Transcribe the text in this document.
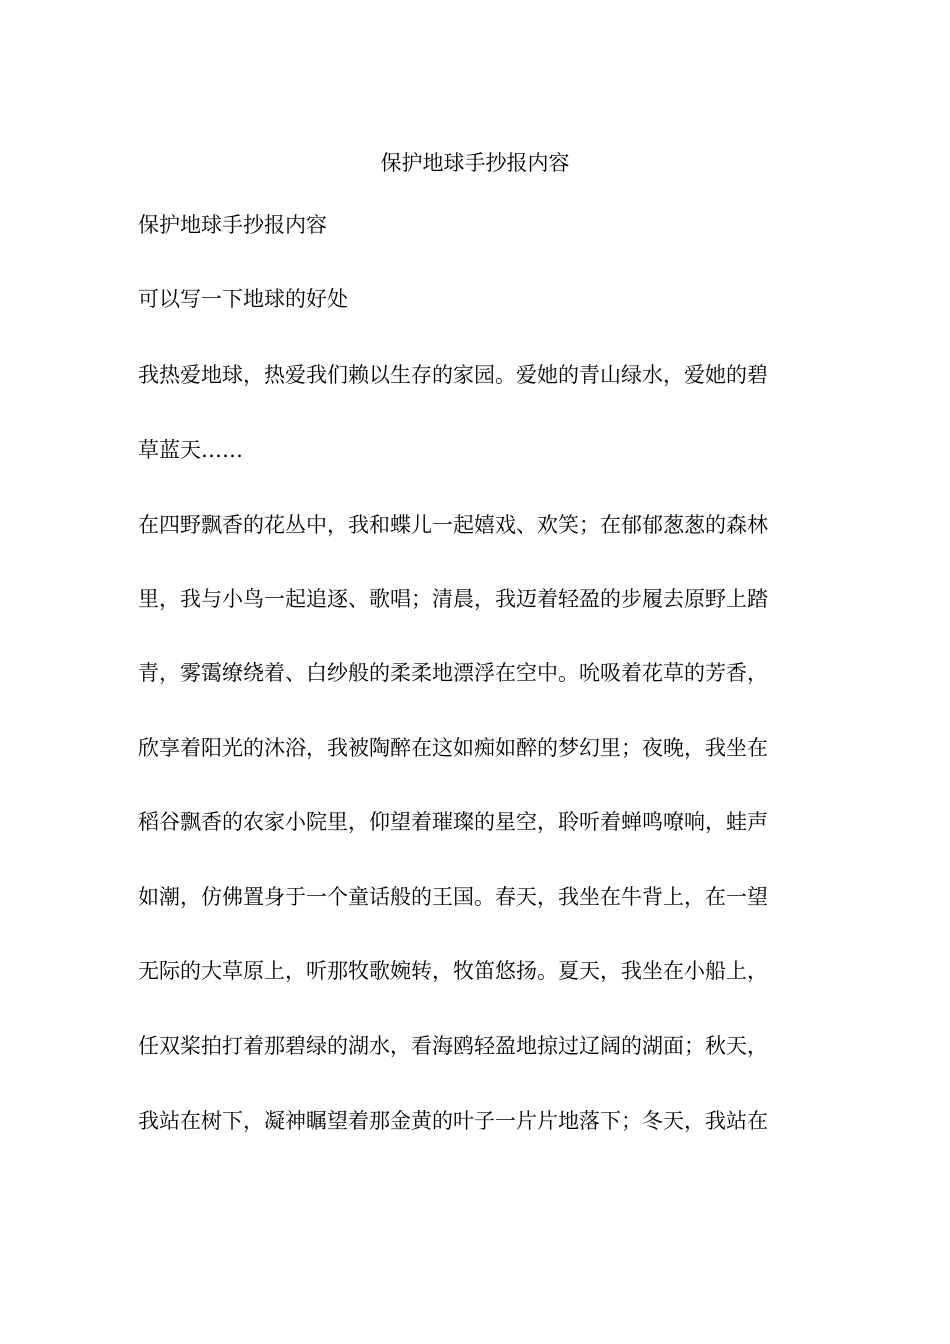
保护地球手抄报内容

保护地球手抄报内容

可以写一下地球的好处

我热爱地球，热爱我们赖以生存的家园。爱她的青山绿水，爱她的碧

草蓝天……

在四野飘香的花丛中，我和蝶儿一起嬉戏、欢笑；在郁郁葱葱的森林

里，我与小鸟一起追逐、歌唱；清晨，我迈着轻盈的步履去原野上踏

青，雾霭缭绕着、白纱般的柔柔地漂浮在空中。吮吸着花草的芳香，

欣享着阳光的沐浴，我被陶醉在这如痴如醉的梦幻里；夜晚，我坐在

稻谷飘香的农家小院里，仰望着璀璨的星空，聆听着蝉鸣嘹响，蛙声

如潮，仿佛置身于一个童话般的王国。春天，我坐在牛背上，在一望

无际的大草原上，听那牧歌婉转，牧笛悠扬。夏天，我坐在小船上，

任双桨拍打着那碧绿的湖水，看海鸥轻盈地掠过辽阔的湖面；秋天，

我站在树下，凝神瞩望着那金黄的叶子一片片地落下；冬天，我站在
